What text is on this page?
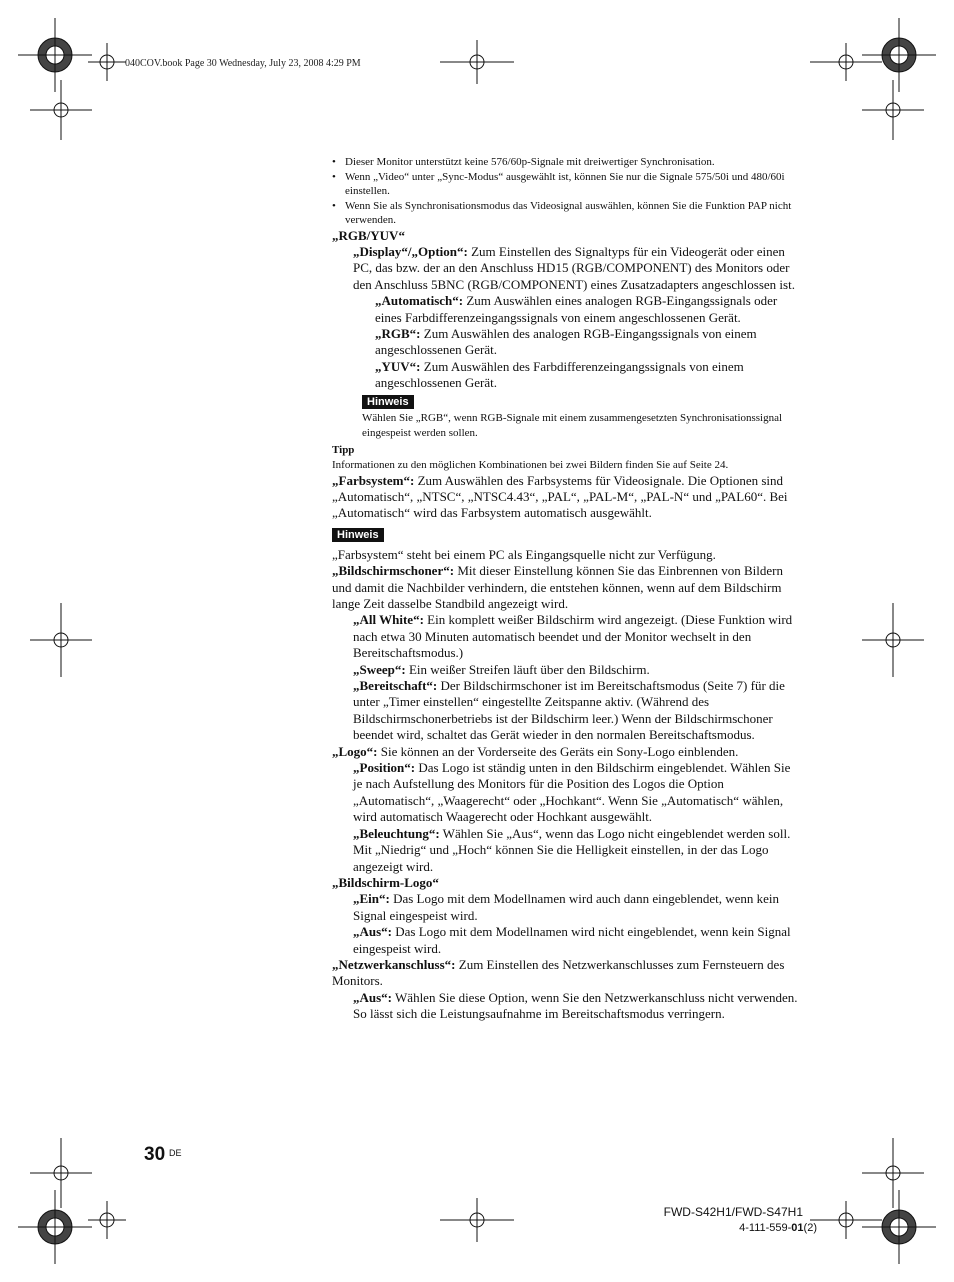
040COV.book Page 30 Wednesday, July 23, 2008 4:29 PM
• Dieser Monitor unterstützt keine 576/60p-Signale mit dreiwertiger Synchronisation.
• Wenn „Video“ unter „Sync-Modus“ ausgewählt ist, können Sie nur die Signale 575/50i und 480/60i einstellen.
• Wenn Sie als Synchronisationsmodus das Videosignal auswählen, können Sie die Funktion PAP nicht verwenden.

„RGB/YUV“

„Display“/„Option“: Zum Einstellen des Signaltyps für ein Videogerät oder einen PC, das bzw. der an den Anschluss HD15 (RGB/COMPONENT) des Monitors oder den Anschluss 5BNC (RGB/COMPONENT) eines Zusatzadapters angeschlossen ist.

„Automatisch“: Zum Auswählen eines analogen RGB-Eingangssignals oder eines Farbdifferenzeingangssignals von einem angeschlossenen Gerät.

„RGB“: Zum Auswählen des analogen RGB-Eingangssignals von einem angeschlossenen Gerät.

„YUV“: Zum Auswählen des Farbdifferenzeingangssignals von einem angeschlossenen Gerät.

Hinweis

Wählen Sie „RGB“, wenn RGB-Signale mit einem zusammengesetzten Synchronisationssignal eingespeist werden sollen.

Tipp

Informationen zu den möglichen Kombinationen bei zwei Bildern finden Sie auf Seite 24.

„Farbsystem“: Zum Auswählen des Farbsystems für Videosignale. Die Optionen sind „Automatisch“, „NTSC“, „NTSC4.43“, „PAL“, „PAL-M“, „PAL-N“ und „PAL60“. Bei „Automatisch“ wird das Farbsystem automatisch ausgewählt.

Hinweis

„Farbsystem“ steht bei einem PC als Eingangsquelle nicht zur Verfügung.

„Bildschirmschoner“: Mit dieser Einstellung können Sie das Einbrennen von Bildern und damit die Nachbilder verhindern, die entstehen können, wenn auf dem Bildschirm lange Zeit dasselbe Standbild angezeigt wird.

„All White“: Ein komplett weißer Bildschirm wird angezeigt. (Diese Funktion wird nach etwa 30 Minuten automatisch beendet und der Monitor wechselt in den Bereitschaftsmodus.)

„Sweep“: Ein weißer Streifen läuft über den Bildschirm.

„Bereitschaft“: Der Bildschirmschoner ist im Bereitschaftsmodus (Seite 7) für die unter „Timer einstellen“ eingestellte Zeitspanne aktiv. (Während des Bildschirmschonerbetriebs ist der Bildschirm leer.) Wenn der Bildschirmschoner beendet wird, schaltet das Gerät wieder in den normalen Bereitschaftsmodus.

„Logo“: Sie können an der Vorderseite des Geräts ein Sony-Logo einblenden.

„Position“: Das Logo ist ständig unten in den Bildschirm eingeblendet. Wählen Sie je nach Aufstellung des Monitors für die Position des Logos die Option „Automatisch“, „Waagerecht“ oder „Hochkant“. Wenn Sie „Automatisch“ wählen, wird automatisch Waagerecht oder Hochkant ausgewählt.

„Beleuchtung“: Wählen Sie „Aus“, wenn das Logo nicht eingeblendet werden soll. Mit „Niedrig“ und „Hoch“ können Sie die Helligkeit einstellen, in der das Logo angezeigt wird.

„Bildschirm-Logo“

„Ein“: Das Logo mit dem Modellnamen wird auch dann eingeblendet, wenn kein Signal eingespeist wird.

„Aus“: Das Logo mit dem Modellnamen wird nicht eingeblendet, wenn kein Signal eingespeist wird.

„Netzwerkanschluss“: Zum Einstellen des Netzwerkanschlusses zum Fernsteuern des Monitors.

„Aus“: Wählen Sie diese Option, wenn Sie den Netzwerkanschluss nicht verwenden. So lässt sich die Leistungsaufnahme im Bereitschaftsmodus verringern.

30 DE
FWD-S42H1/FWD-S47H1
4-111-559-01(2)
